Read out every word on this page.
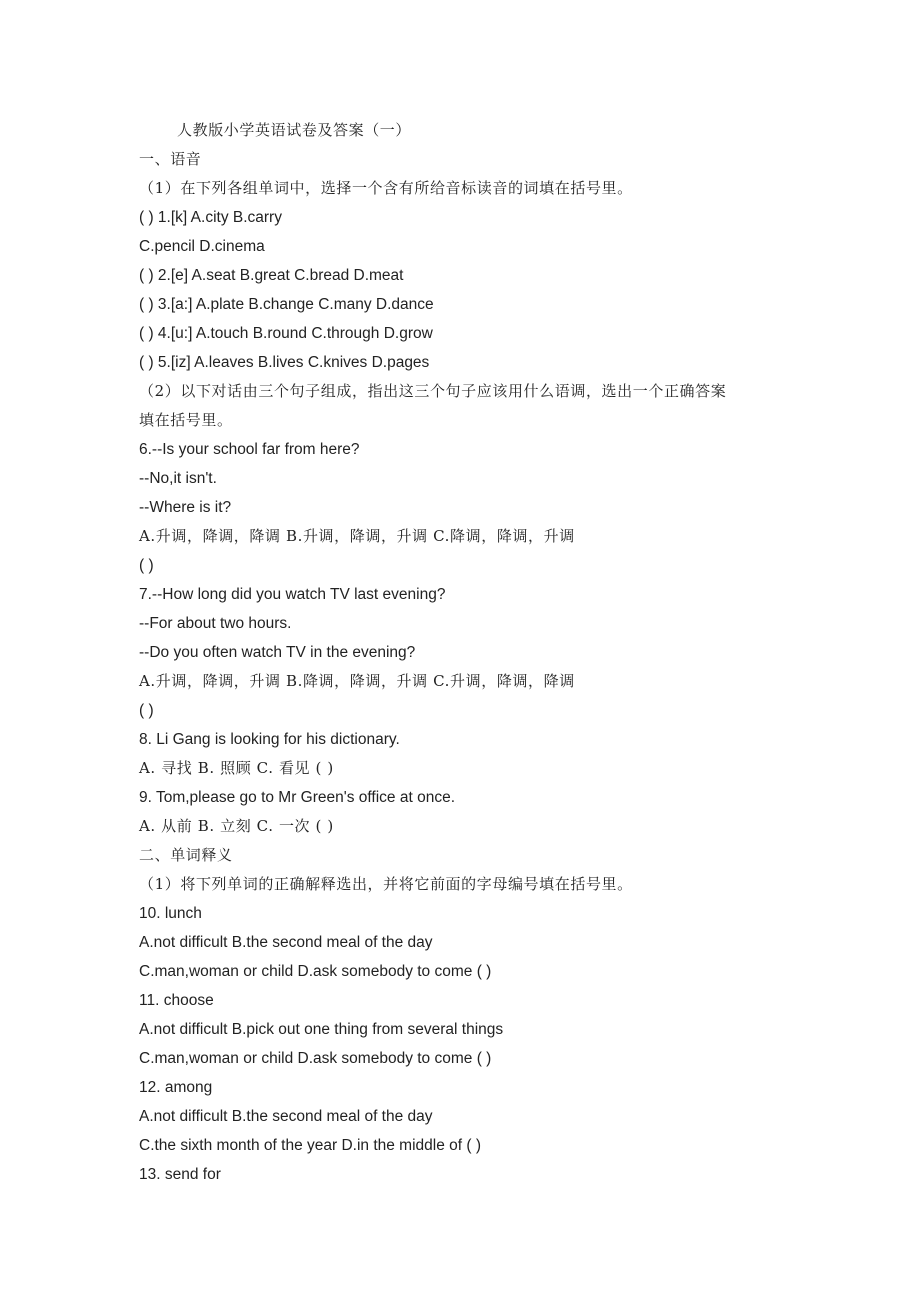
人教版小学英语试卷及答案（一）
一、语音
（1）在下列各组单词中，选择一个含有所给音标读音的词填在括号里。
( ) 1.[k] A.city B.carry
C.pencil D.cinema
( ) 2.[e] A.seat B.great C.bread D.meat
( ) 3.[a:] A.plate B.change C.many D.dance
( ) 4.[u:] A.touch B.round C.through D.grow
( ) 5.[iz] A.leaves B.lives C.knives D.pages
（2）以下对话由三个句子组成，指出这三个句子应该用什么语调，选出一个正确答案
填在括号里。
6.--Is your school far from here?
--No,it isn't.
--Where is it?
A.升调，降调，降调 B.升调，降调，升调 C.降调，降调，升调
( )
7.--How long did you watch TV last evening?
--For about two hours.
--Do you often watch TV in the evening?
A.升调，降调，升调 B.降调，降调，升调 C.升调，降调，降调
( )
8. Li Gang is looking for his dictionary.
A. 寻找 B. 照顾 C. 看见 ( )
9. Tom,please go to Mr Green's office at once.
A. 从前 B. 立刻 C. 一次 ( )
二、单词释义
（1）将下列单词的正确解释选出，并将它前面的字母编号填在括号里。
10. lunch
A.not difficult B.the second meal of the day
C.man,woman or child D.ask somebody to come ( )
11. choose
A.not difficult B.pick out one thing from several things
C.man,woman or child D.ask somebody to come ( )
12. among
A.not difficult B.the second meal of the day
C.the sixth month of the year D.in the middle of ( )
13. send for
